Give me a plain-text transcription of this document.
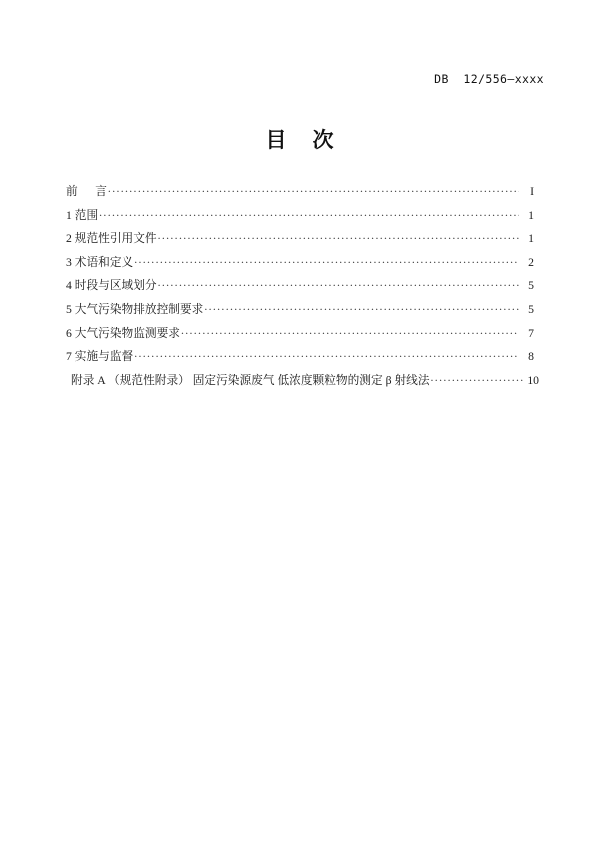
DB  12/556—xxxx
目    次
前      言 .....	I
1 范围 .....	1
2 规范性引用文件 .....	1
3 术语和定义 .....	2
4 时段与区域划分 .....	5
5 大气污染物排放控制要求 .....	5
6 大气污染物监测要求 .....	7
7 实施与监督 .....	8
附录 A （规范性附录） 固定污染源废气 低浓度颗粒物的测定 β 射线法 .....	10
